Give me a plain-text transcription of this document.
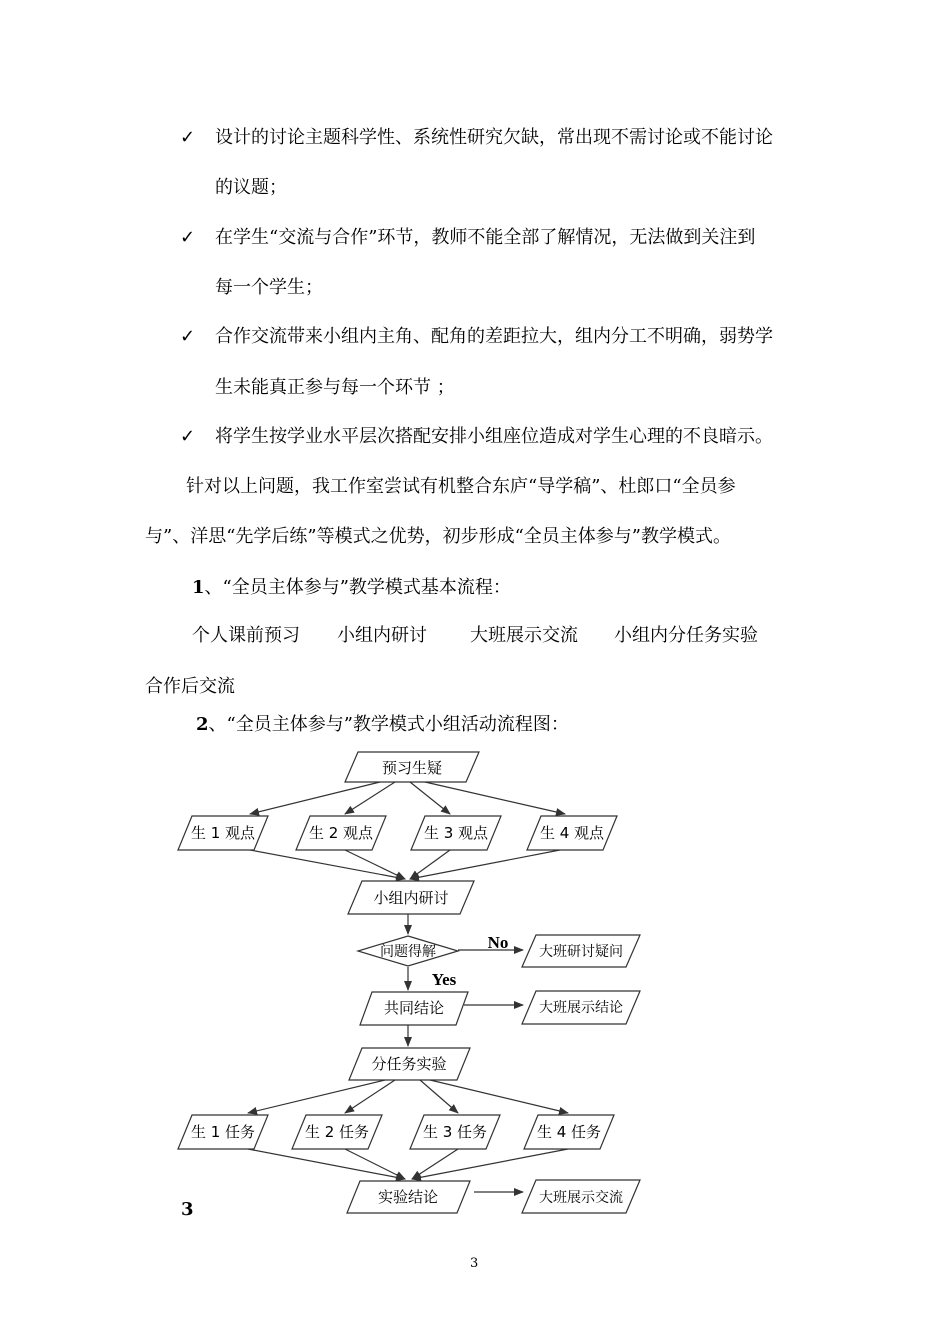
✓ 设计的讨论主题科学性、系统性研究欠缺，常出现不需讨论或不能讨论
的议题；
✓ 在学生“交流与合作”环节，教师不能全部了解情况，无法做到关注到
每一个学生；
✓ 合作交流带来小组内主角、配角的差距拉大，组内分工不明确，弱势学
生未能真正参与每一个环节 ；
✓ 将学生按学业水平层次搭配安排小组座位造成对学生心理的不良暗示。
针对以上问题，我工作室尝试有机整合东庐“导学稿”、杜郎口“全员参
与”、洋思“先学后练”等模式之优势，初步形成“全员主体参与”教学模式。
1、“全员主体参与”教学模式基本流程：
个人课前预习 小组内研讨 大班展示交流 小组内分任务实验
合作后交流
2、“全员主体参与”教学模式小组活动流程图：
预习生疑
生 1 观点	生 2 观点	生 3 观点	生 4 观点
小组内研讨
问题得解	No 大班研讨疑问
Yes
共同结论	大班展示结论
分任务实验
生 1 任务	生 2 任务	生 3 任务	生 4 任务
实验结论	大班展示交流
3
3
